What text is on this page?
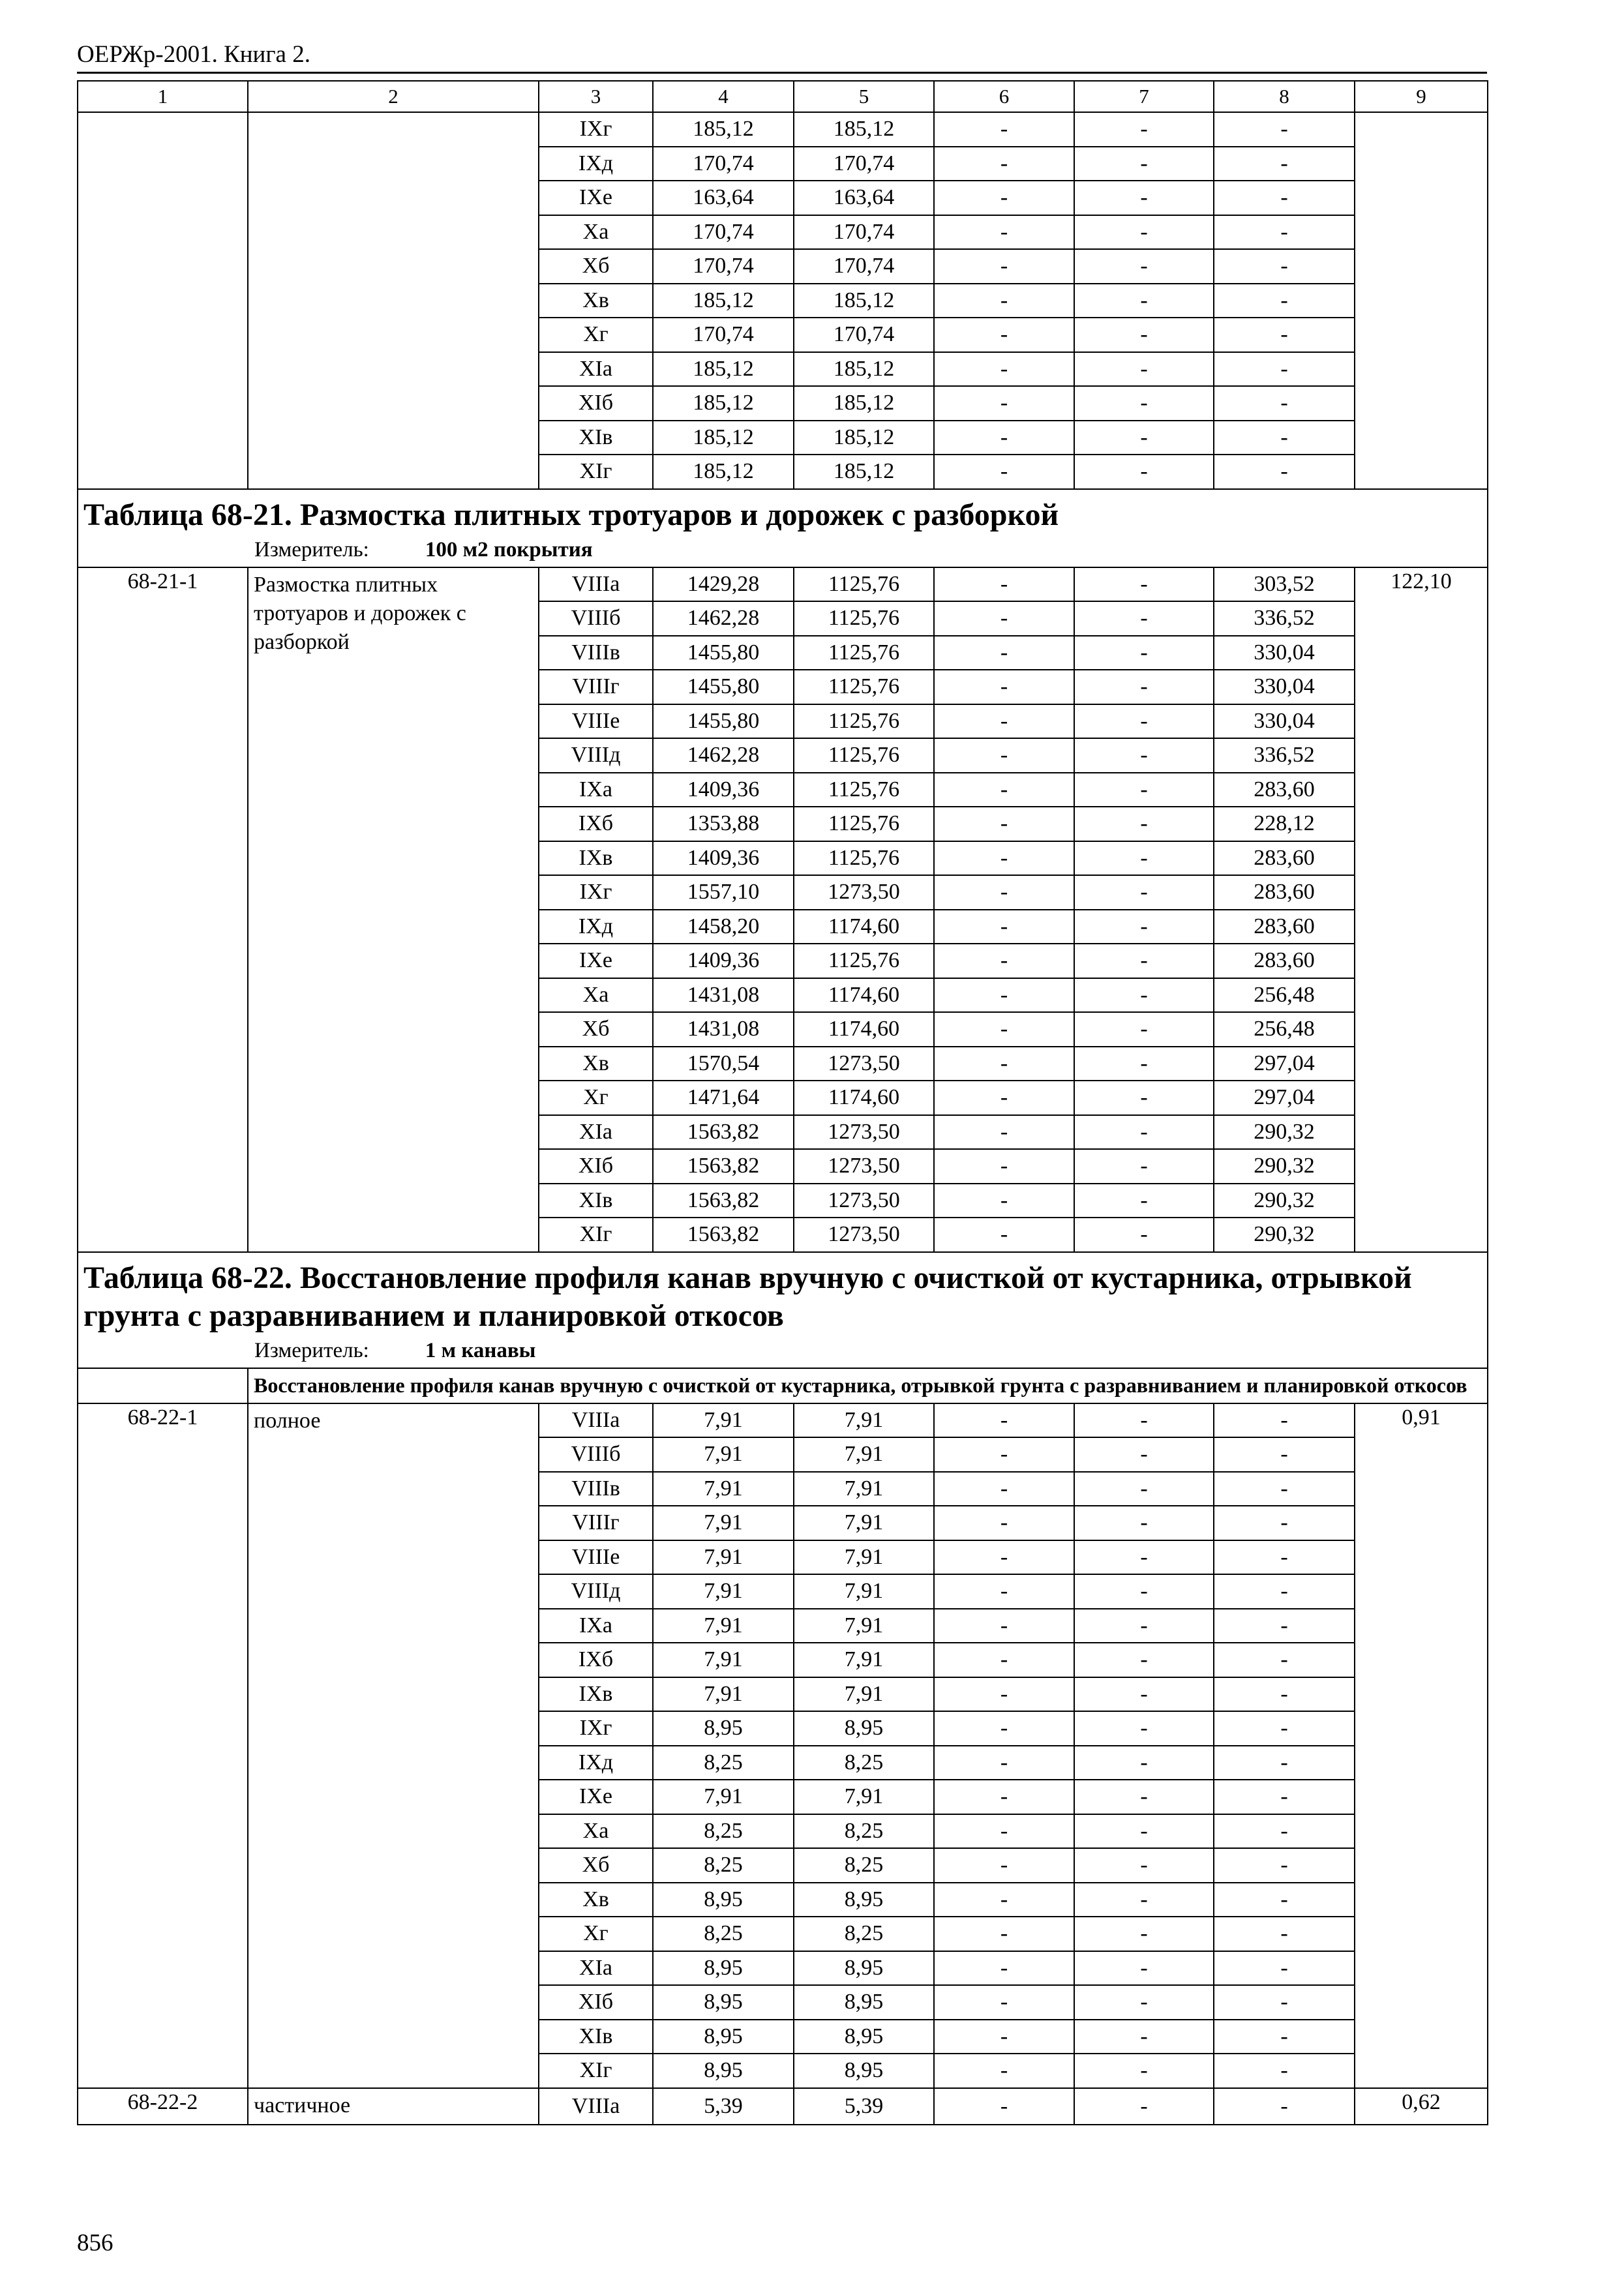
ОЕРЖр-2001. Книга 2.
1	2	3	4	5	6	7	8	9
		IXг	185,12	185,12	-	-	-	
		IXд	170,74	170,74	-	-	-	
		IXе	163,64	163,64	-	-	-	
		Xа	170,74	170,74	-	-	-	
		Xб	170,74	170,74	-	-	-	
		Xв	185,12	185,12	-	-	-	
		Xг	170,74	170,74	-	-	-	
		XIа	185,12	185,12	-	-	-	
		XIб	185,12	185,12	-	-	-	
		XIв	185,12	185,12	-	-	-	
		XIг	185,12	185,12	-	-	-	

Таблица 68-21. Размостка плитных тротуаров и дорожек с разборкой
Измеритель: 100 м2 покрытия								

68-21-1	Размостка плитных тротуаров и дорожек с разборкой	VIIIа	1429,28	1125,76	-	-	303,52	122,10
		VIIIб	1462,28	1125,76	-	-	336,52	
		VIIIв	1455,80	1125,76	-	-	330,04	
		VIIIг	1455,80	1125,76	-	-	330,04	
		VIIIе	1455,80	1125,76	-	-	330,04	
		VIIIд	1462,28	1125,76	-	-	336,52	
		IXа	1409,36	1125,76	-	-	283,60	
		IXб	1353,88	1125,76	-	-	228,12	
		IXв	1409,36	1125,76	-	-	283,60	
		IXг	1557,10	1273,50	-	-	283,60	
		IXд	1458,20	1174,60	-	-	283,60	
		IXе	1409,36	1125,76	-	-	283,60	
		Xа	1431,08	1174,60	-	-	256,48	
		Xб	1431,08	1174,60	-	-	256,48	
		Xв	1570,54	1273,50	-	-	297,04	
		Xг	1471,64	1174,60	-	-	297,04	
		XIа	1563,82	1273,50	-	-	290,32	
		XIб	1563,82	1273,50	-	-	290,32	
		XIв	1563,82	1273,50	-	-	290,32	
		XIг	1563,82	1273,50	-	-	290,32	

Таблица 68-22. Восстановление профиля канав вручную с очисткой от кустарника, отрывкой грунта с разравниванием и планировкой откосов
Измеритель: 1 м канавы								

	Восстановление профиля канав вручную с очисткой от кустарника, отрывкой грунта с разравниванием и планировкой откосов							
68-22-1	полное	VIIIа	7,91	7,91	-	-	-	0,91
		VIIIб	7,91	7,91	-	-	-	
		VIIIв	7,91	7,91	-	-	-	
		VIIIг	7,91	7,91	-	-	-	
		VIIIе	7,91	7,91	-	-	-	
		VIIIд	7,91	7,91	-	-	-	
		IXа	7,91	7,91	-	-	-	
		IXб	7,91	7,91	-	-	-	
		IXв	7,91	7,91	-	-	-	
		IXг	8,95	8,95	-	-	-	
		IXд	8,25	8,25	-	-	-	
		IXе	7,91	7,91	-	-	-	
		Xа	8,25	8,25	-	-	-	
		Xб	8,25	8,25	-	-	-	
		Xв	8,95	8,95	-	-	-	
		Xг	8,25	8,25	-	-	-	
		XIа	8,95	8,95	-	-	-	
		XIб	8,95	8,95	-	-	-	
		XIв	8,95	8,95	-	-	-	
		XIг	8,95	8,95	-	-	-	
68-22-2	частичное	VIIIа	5,39	5,39	-	-	-	0,62
856
